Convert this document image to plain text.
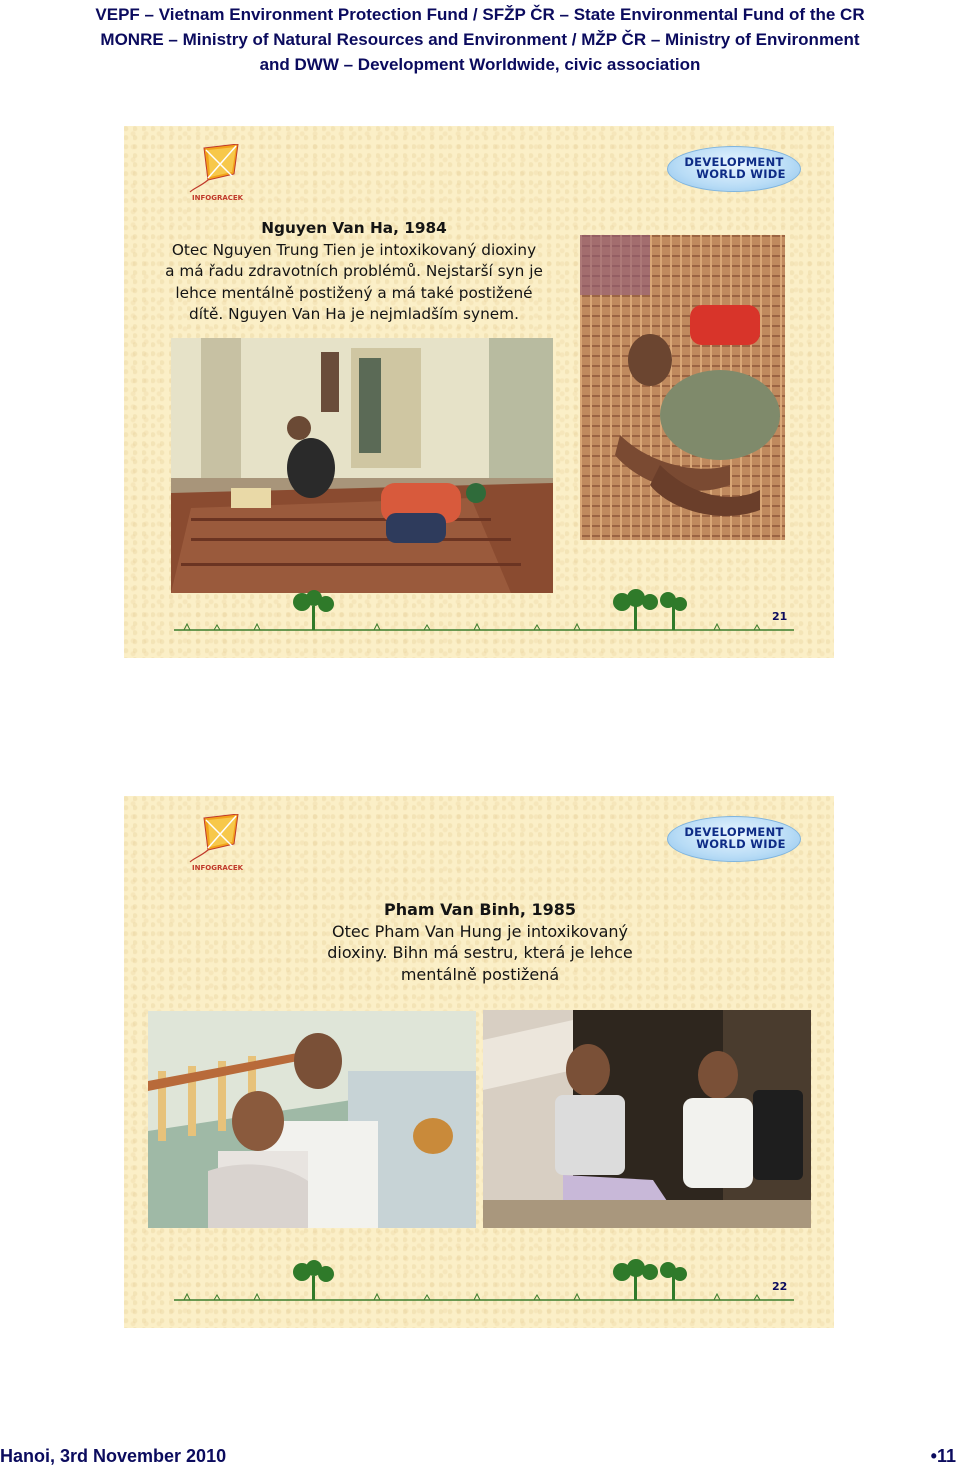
VEPF – Vietnam Environment Protection Fund / SFŽP ČR – State Environmental Fund of the CR
MONRE – Ministry of Natural Resources and Environment / MŽP ČR – Ministry of Environment
and DWW – Development Worldwide, civic association
INFOGRACEK
DEVELOPMENT
WORLD WIDE
Nguyen Van Ha, 1984
Otec Nguyen Trung Tien je intoxikovaný dioxiny
a má řadu zdravotních problémů. Nejstarší syn je
lehce mentálně postižený a má také postižené
dítě. Nguyen Van Ha je nejmladším synem.
21
INFOGRACEK
DEVELOPMENT
WORLD WIDE
Pham Van Binh, 1985
Otec Pham Van Hung je intoxikovaný
dioxiny. Bihn má sestru, která je lehce
mentálně postižená
22
Hanoi, 3rd November 2010	•11
